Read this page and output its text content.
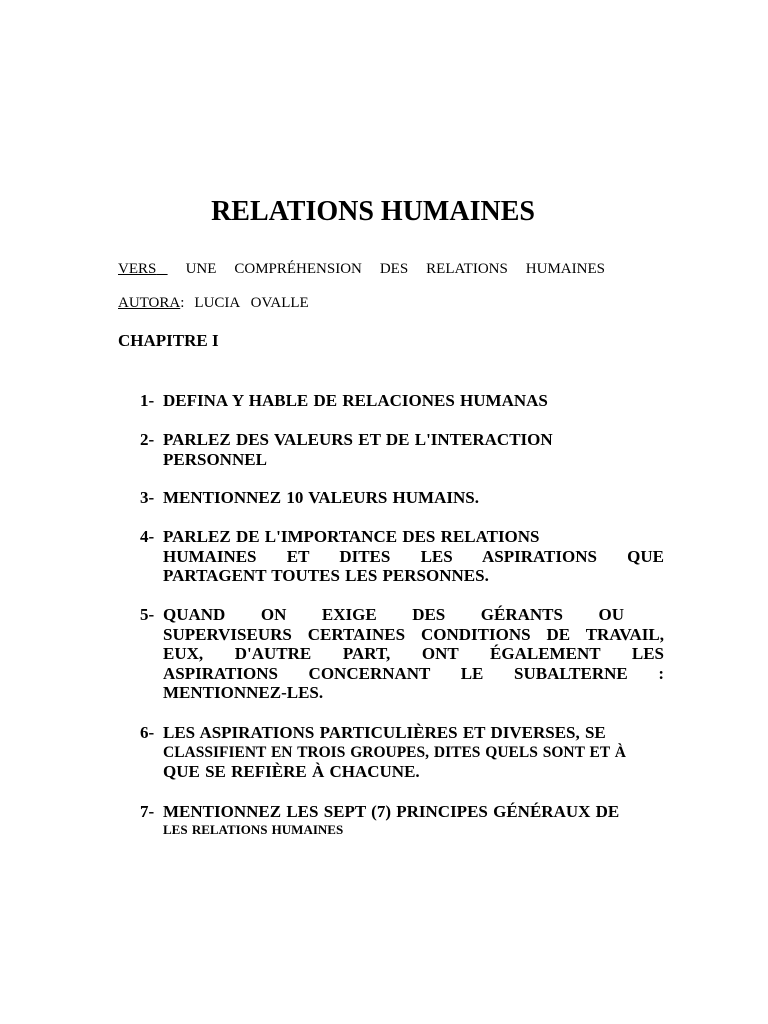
RELATIONS HUMAINES
VERS	UNE COMPRÉHENSION DES RELATIONS HUMAINES
AUTORA: LUCIA   OVALLE
CHAPITRE I
1- DEFINA Y HABLE DE RELACIONES HUMANAS
2- PARLEZ DES VALEURS ET DE L'INTERACTION
PERSONNEL
3- MENTIONNEZ 10 VALEURS HUMAINS.
4- PARLEZ DE L'IMPORTANCE DES RELATIONS
HUMAINES ET DITES LES ASPIRATIONS QUE
PARTAGENT TOUTES LES PERSONNES.
5- QUAND ON EXIGE DES GÉRANTS OU
SUPERVISEURS CERTAINES CONDITIONS DE TRAVAIL,
EUX, D'AUTRE PART, ONT ÉGALEMENT LES
ASPIRATIONS CONCERNANT LE SUBALTERNE :
MENTIONNEZ-LES.
6- LES ASPIRATIONS PARTICULIÈRES ET DIVERSES, SE
CLASSIFIENT EN TROIS GROUPES, DITES QUELS SONT ET À
QUE SE REFIÈRE À CHACUNE.
7- MENTIONNEZ LES SEPT (7) PRINCIPES GÉNÉRAUX DE
LES RELATIONS HUMAINES
